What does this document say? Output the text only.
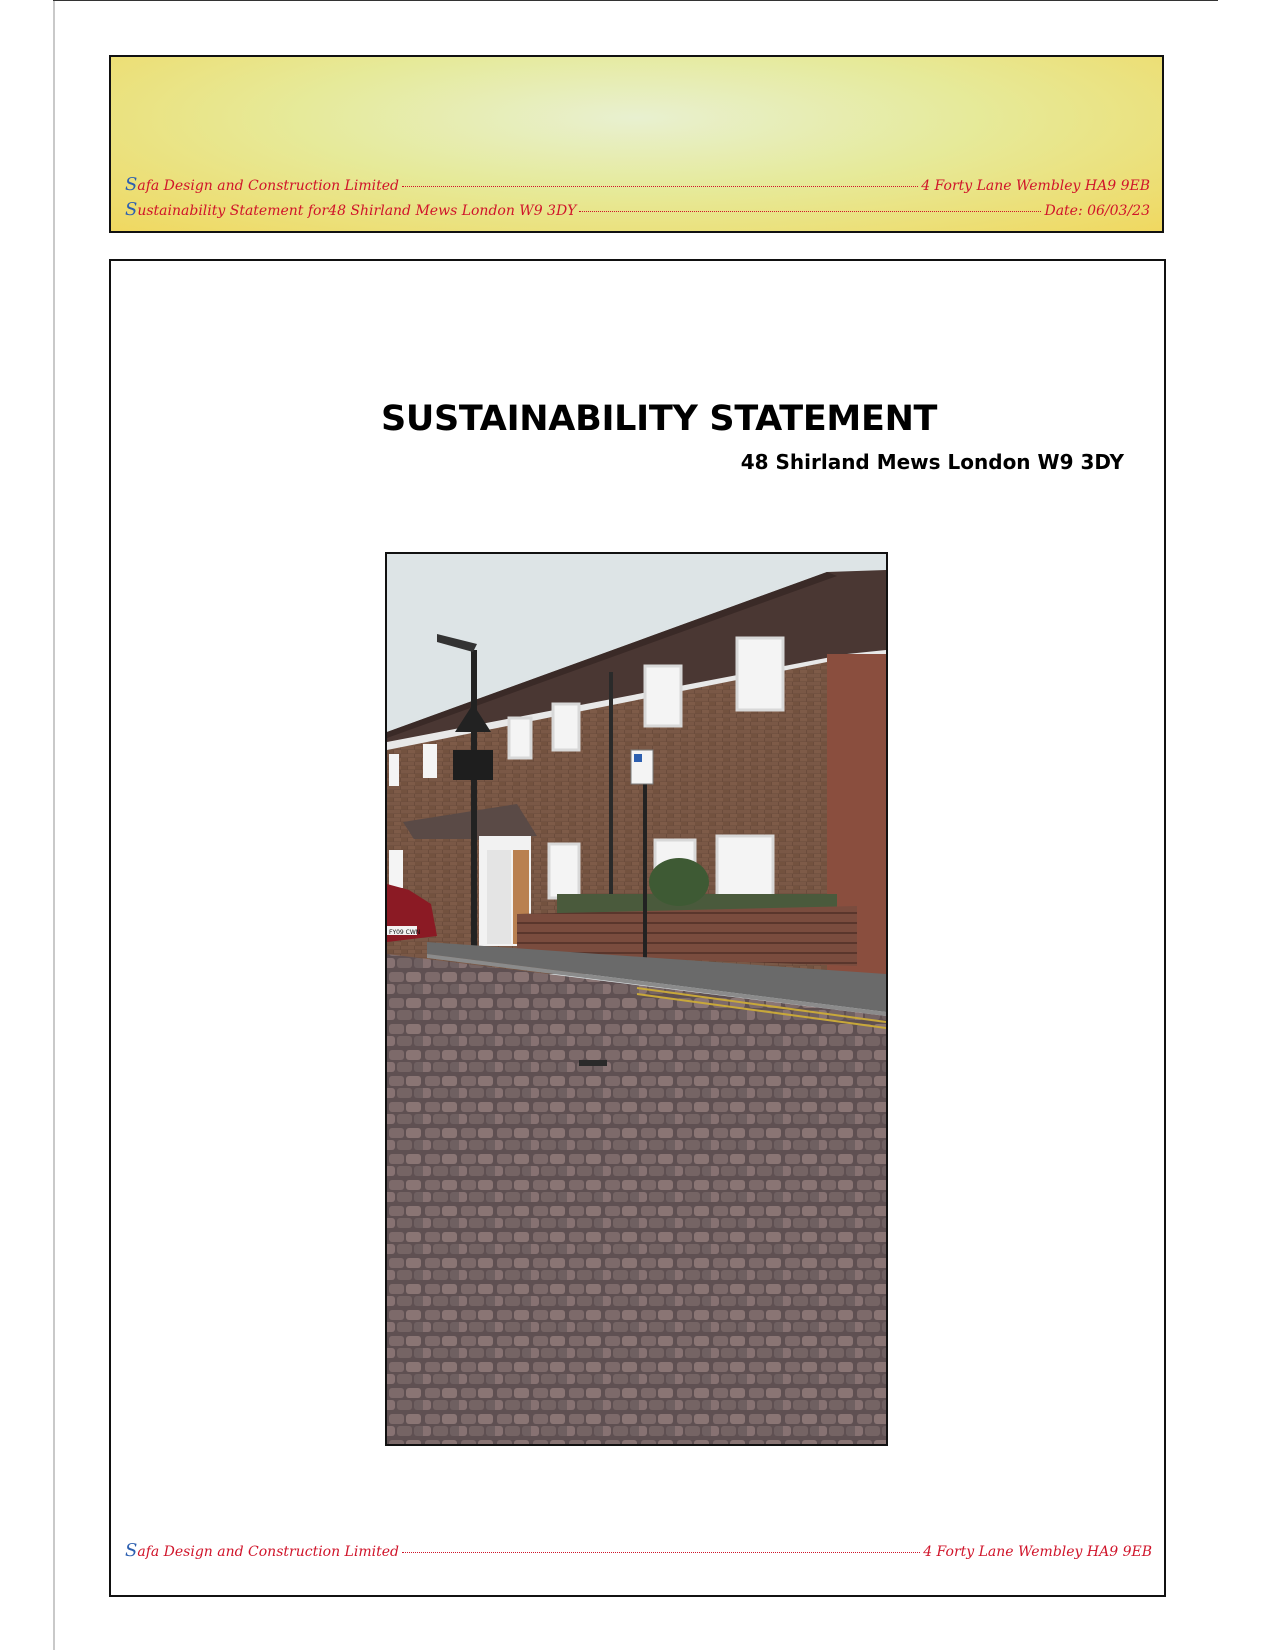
S afa Design and Construction Limited	4 Forty Lane Wembley HA9 9EB
S ustainability Statement for48 Shirland Mews London W9 3DY	Date: 06/03/23
SUSTAINABILITY STATEMENT
48 Shirland Mews London W9 3DY
FY09 CWN
S afa Design and Construction Limited	4 Forty Lane Wembley HA9 9EB
